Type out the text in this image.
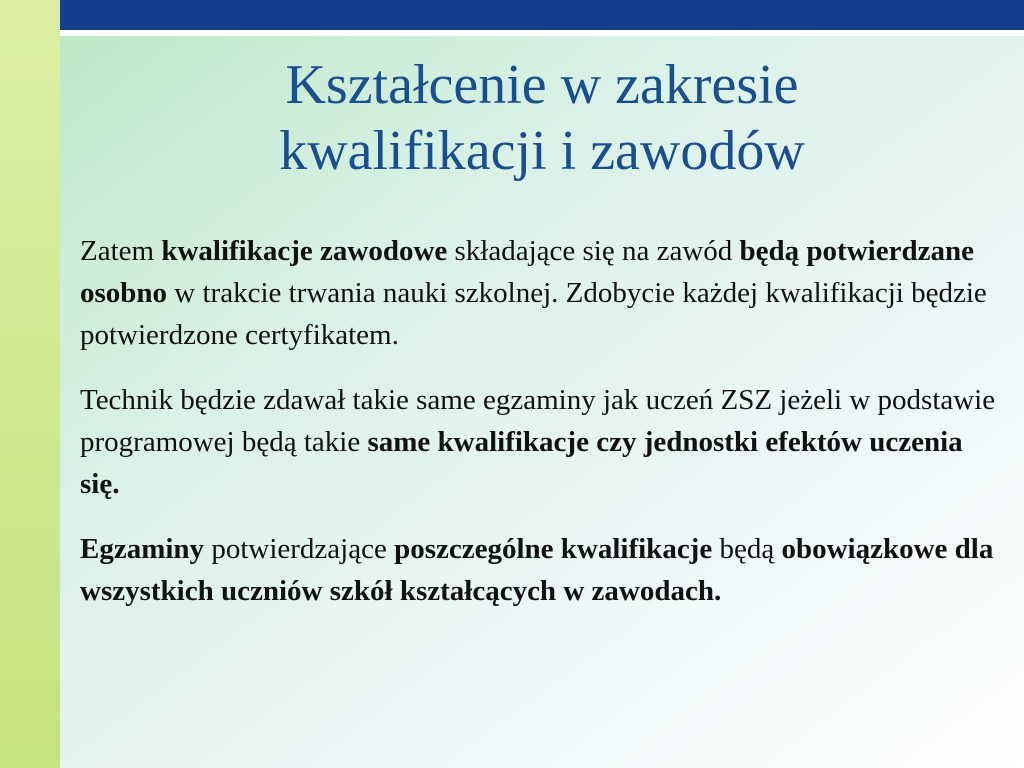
Kształcenie w zakresie
kwalifikacji i zawodów

Zatem kwalifikacje zawodowe składające się na zawód będą potwierdzane osobno w trakcie trwania nauki szkolnej. Zdobycie każdej kwalifikacji będzie potwierdzone certyfikatem.

Technik będzie zdawał takie same egzaminy jak uczeń ZSZ jeżeli w podstawie programowej będą takie same kwalifikacje czy jednostki efektów uczenia się.

Egzaminy potwierdzające poszczególne kwalifikacje będą obowiązkowe dla wszystkich uczniów szkół kształcących w zawodach.
